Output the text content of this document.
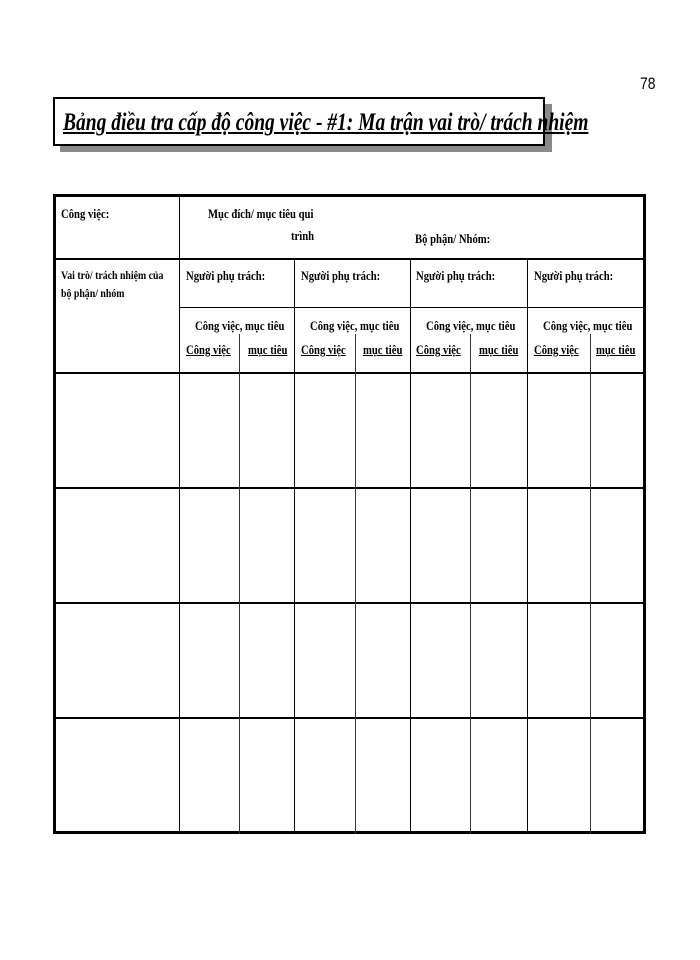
78
Bảng điều tra cấp độ công việc - #1: Ma trận vai trò/ trách nhiệm
Công việc:	Mục đích/ mục tiêu qui
trình	Bộ phận/ Nhóm:
Vai trò/ trách nhiệm của
bộ phận/ nhóm
Người phụ trách:
Công việc, mục tiêu
Công việc mục tiêu
Người phụ trách:
Công việc, mục tiêu
Công việc mục tiêu
Người phụ trách:
Công việc, mục tiêu
Công việc mục tiêu
Người phụ trách:
Công việc, mục tiêu
Công việc mục tiêu
